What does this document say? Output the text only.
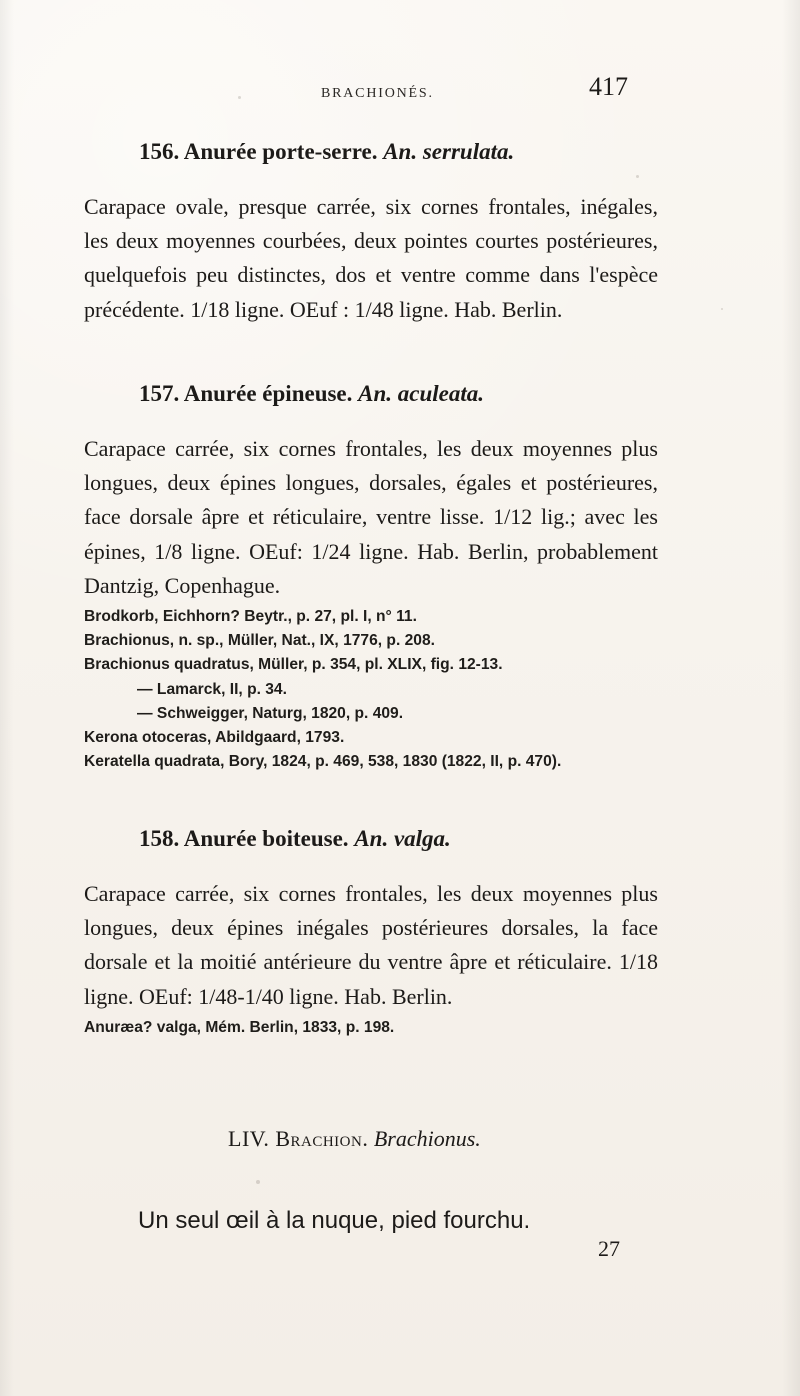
BRACHIONÉS.	417
156. Anurée porte-serre. An. serrulata.

Carapace ovale, presque carrée, six cornes frontales, inégales, les deux moyennes courbées, deux pointes courtes postérieures, quelquefois peu distinctes, dos et ventre comme dans l'espèce précédente. 1/18 ligne. OEuf : 1/48 ligne. Hab. Berlin.

157. Anurée épineuse. An. aculeata.

Carapace carrée, six cornes frontales, les deux moyennes plus longues, deux épines longues, dorsales, égales et postérieures, face dorsale âpre et réticulaire, ventre lisse. 1/12 lig.; avec les épines, 1/8 ligne. OEuf: 1/24 ligne. Hab. Berlin, probablement Dantzig, Copenhague.

Brodkorb, Eichhorn? Beytr., p. 27, pl. I, n° 11.
Brachionus, n. sp., Müller, Nat., IX, 1776, p. 208.
Brachionus quadratus, Müller, p. 354, pl. XLIX, fig. 12-13.
— Lamarck, II, p. 34.
— Schweigger, Naturg, 1820, p. 409.
Kerona otoceras, Abildgaard, 1793.
Keratella quadrata, Bory, 1824, p. 469, 538, 1830 (1822, II, p. 470).
158. Anurée boiteuse. An. valga.

Carapace carrée, six cornes frontales, les deux moyennes plus longues, deux épines inégales postérieures dorsales, la face dorsale et la moitié antérieure du ventre âpre et réticulaire. 1/18 ligne. OEuf: 1/48-1/40 ligne. Hab. Berlin.

Anuræa? valga, Mém. Berlin, 1833, p. 198.
LIV. Brachion. Brachionus.
Un seul œil à la nuque, pied fourchu.
27
